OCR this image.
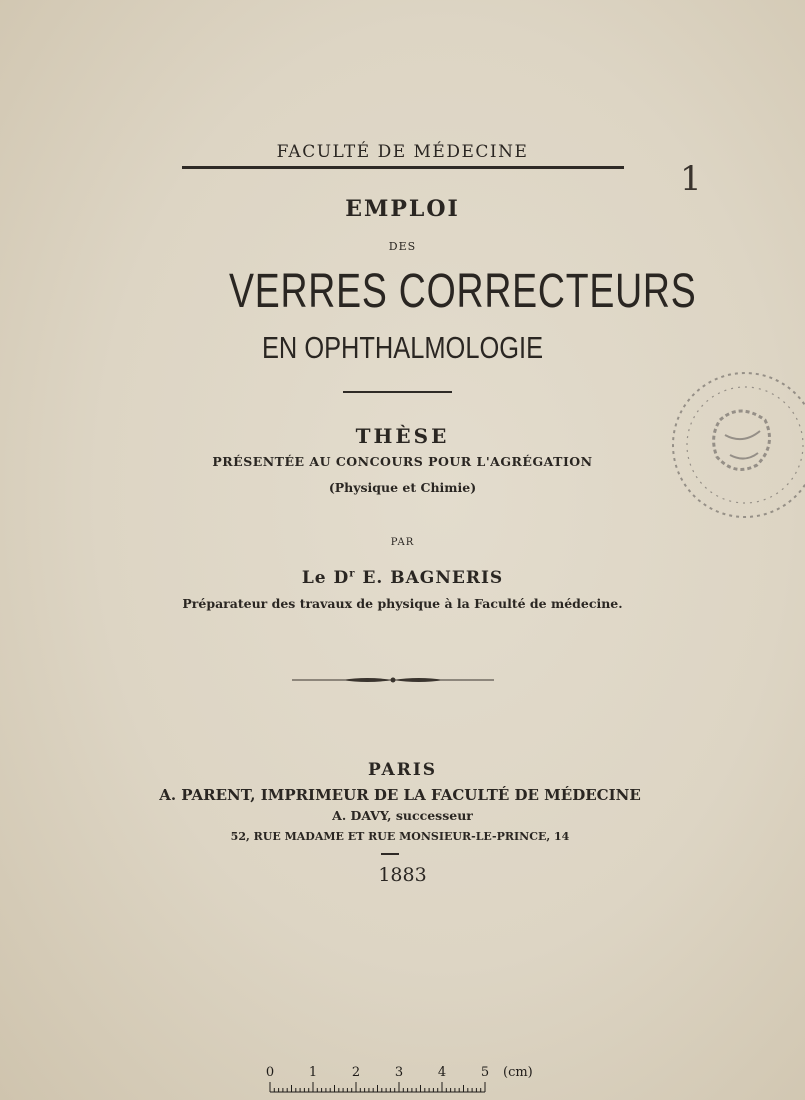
FACULTÉ DE MÉDECINE
EMPLOI
DES
VERRES CORRECTEURS
EN OPHTHALMOLOGIE
THÈSE
PRÉSENTÉE AU CONCOURS POUR L'AGRÉGATION
(Physique et Chimie)
PAR
Le $D^r$ E. BAGNERIS
Préparateur des travaux de physique à la Faculté de médecine.
PARIS
A. PARENT, IMPRIMEUR DE LA FACULTÉ DE MÉDECINE
A. DAVY, successeur
52, RUE MADAME ET RUE MONSIEUR-LE-PRINCE, 14
1883
1
0	1	2	3	4	5 (cm)
